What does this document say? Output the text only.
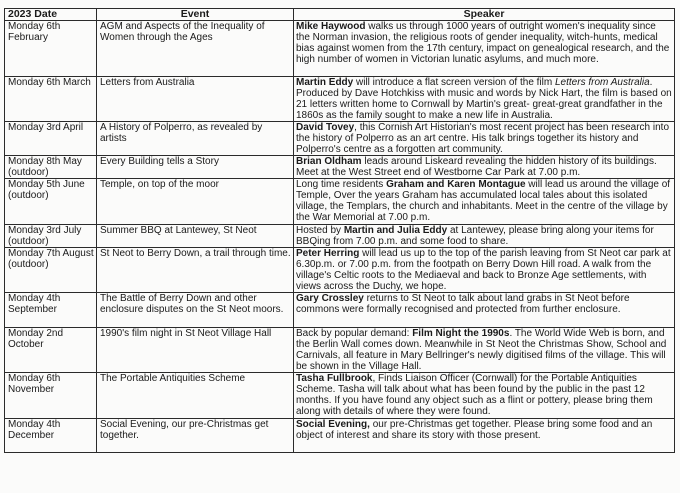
2023 Date	Event	Speaker
Monday 6th February	AGM and Aspects of the Inequality of Women through the Ages	Mike Haywood walks us through 1000 years of outright women's inequality since the Norman invasion, the religious roots of gender inequality, witch-hunts, medical bias against women from the 17th century, impact on genealogical research, and the high number of women in Victorian lunatic asylums, and much more.
Monday 6th March	Letters from Australia	Martin Eddy will introduce a flat screen version of the film Letters from Australia. Produced by Dave Hotchkiss with music and words by Nick Hart, the film is based on 21 letters written home to Cornwall by Martin's great- great-great grandfather in the 1860s as the family sought to make a new life in Australia.
Monday 3rd April	A History of Polperro, as revealed by artists	David Tovey, this Cornish Art Historian's most recent project has been research into the history of Polperro as an art centre. His talk brings together its history and Polperro's centre as a forgotten art community.
Monday 8th May (outdoor)	Every Building tells a Story	Brian Oldham leads around Liskeard revealing the hidden history of its buildings. Meet at the West Street end of Westborne Car Park at 7.00 p.m.
Monday 5th June (outdoor)	Temple, on top of the moor	Long time residents Graham and Karen Montague will lead us around the village of Temple, Over the years Graham has accumulated local tales about this isolated village, the Templars, the church and inhabitants. Meet in the centre of the village by the War Memorial at 7.00 p.m.
Monday 3rd July (outdoor)	Summer BBQ at Lantewey, St Neot	Hosted by Martin and Julia Eddy at Lantewey, please bring along your items for BBQing from 7.00 p.m. and some food to share.
Monday 7th August (outdoor)	St Neot to Berry Down, a trail through time.	Peter Herring will lead us up to the top of the parish leaving from St Neot car park at 6.30p.m. or 7.00 p.m. from the footpath on Berry Down Hill road. A walk from the village's Celtic roots to the Mediaeval and back to Bronze Age settlements, with views across the Duchy, we hope.
Monday 4th September	The Battle of Berry Down and other enclosure disputes on the St Neot moors.	Gary Crossley returns to St Neot to talk about land grabs in St Neot before commons were formally recognised and protected from further enclosure.
Monday 2nd October	1990's film night in St Neot Village Hall	Back by popular demand: Film Night the 1990s. The World Wide Web is born, and the Berlin Wall comes down. Meanwhile in St Neot the Christmas Show, School and Carnivals, all feature in Mary Bellringer's newly digitised films of the village. This will be shown in the Village Hall.
Monday 6th November	The Portable Antiquities Scheme	Tasha Fullbrook, Finds Liaison Officer (Cornwall) for the Portable Antiquities Scheme. Tasha will talk about what has been found by the public in the past 12 months. If you have found any object such as a flint or pottery, please bring them along with details of where they were found.
Monday 4th December	Social Evening, our pre-Christmas get together.	Social Evening, our pre-Christmas get together. Please bring some food and an object of interest and share its story with those present.
